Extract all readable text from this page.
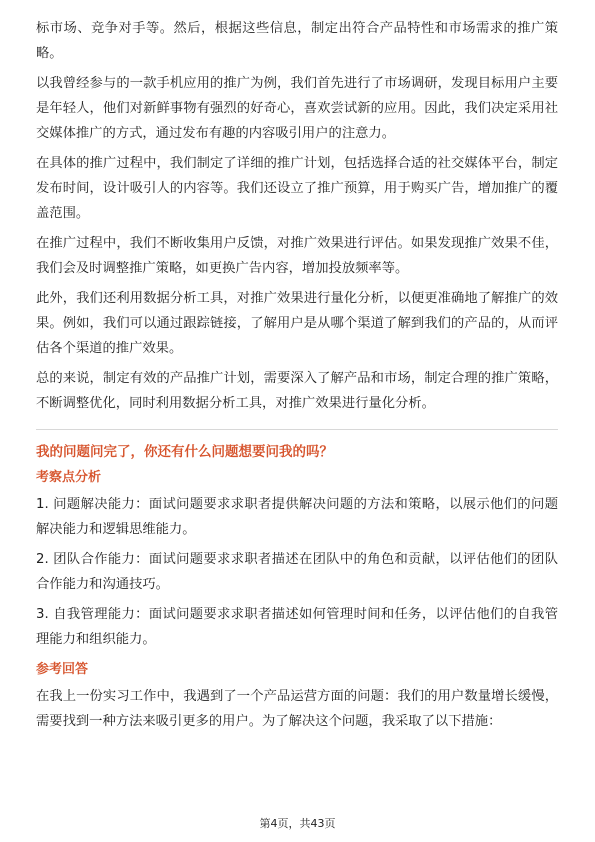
标市场、竞争对手等。然后，根据这些信息，制定出符合产品特性和市场需求的推广策略。

以我曾经参与的一款手机应用的推广为例，我们首先进行了市场调研，发现目标用户主要是年轻人，他们对新鲜事物有强烈的好奇心，喜欢尝试新的应用。因此，我们决定采用社交媒体推广的方式，通过发布有趣的内容吸引用户的注意力。

在具体的推广过程中，我们制定了详细的推广计划，包括选择合适的社交媒体平台，制定发布时间，设计吸引人的内容等。我们还设立了推广预算，用于购买广告，增加推广的覆盖范围。

在推广过程中，我们不断收集用户反馈，对推广效果进行评估。如果发现推广效果不佳，我们会及时调整推广策略，如更换广告内容，增加投放频率等。

此外，我们还利用数据分析工具，对推广效果进行量化分析，以便更准确地了解推广的效果。例如，我们可以通过跟踪链接，了解用户是从哪个渠道了解到我们的产品的，从而评估各个渠道的推广效果。

总的来说，制定有效的产品推广计划，需要深入了解产品和市场，制定合理的推广策略，不断调整优化，同时利用数据分析工具，对推广效果进行量化分析。

我的问题问完了，你还有什么问题想要问我的吗？

考察点分析

1. 问题解决能力：面试问题要求求职者提供解决问题的方法和策略，以展示他们的问题解决能力和逻辑思维能力。

2. 团队合作能力：面试问题要求求职者描述在团队中的角色和贡献，以评估他们的团队合作能力和沟通技巧。

3. 自我管理能力：面试问题要求求职者描述如何管理时间和任务，以评估他们的自我管理能力和组织能力。

参考回答

在我上一份实习工作中，我遇到了一个产品运营方面的问题：我们的用户数量增长缓慢，需要找到一种方法来吸引更多的用户。为了解决这个问题，我采取了以下措施：

第4页，共43页
